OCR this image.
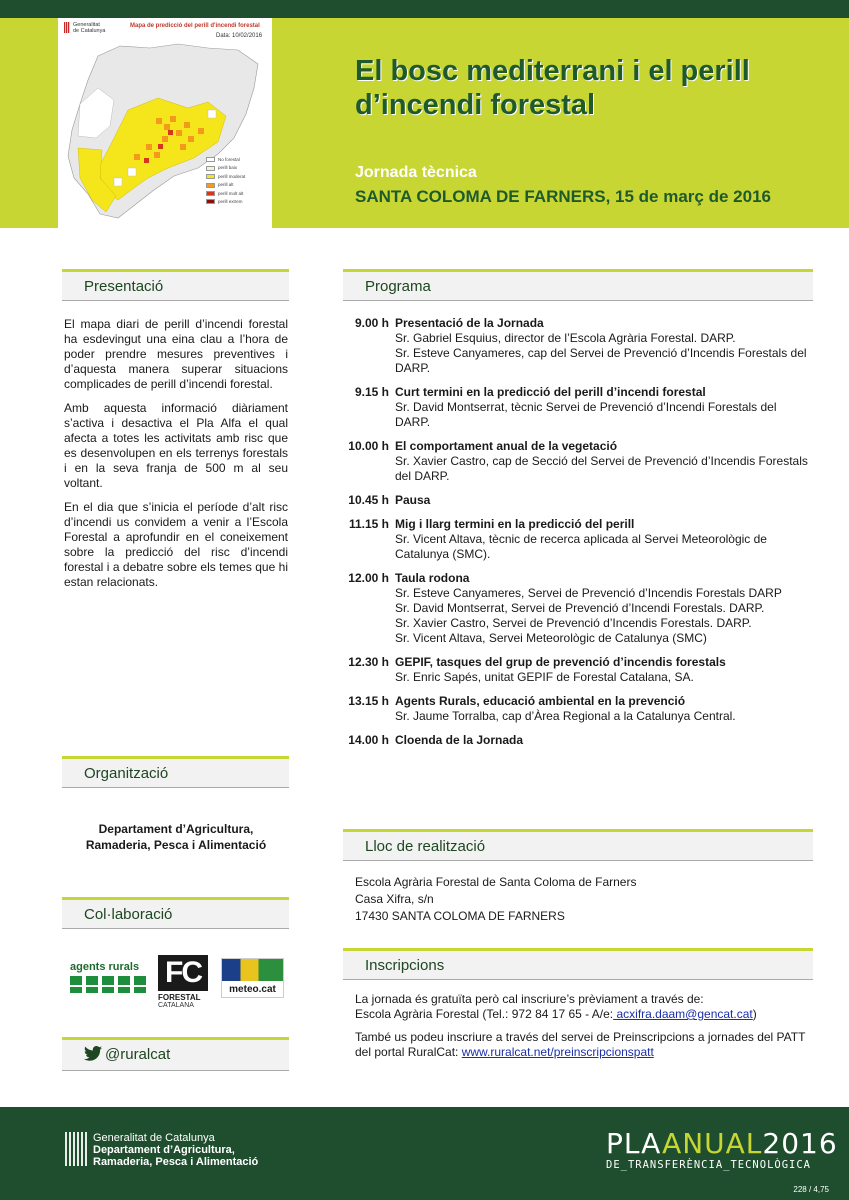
Generalitat
de Catalunya
Mapa de predicció del perill d'incendi forestal
Data: 10/02/2016
No forestal
perill baix
perill moderat
perill alt
perill molt alt
perill extrem
El bosc mediterrani i el perill d’incendi forestal
Jornada tècnica
SANTA COLOMA DE FARNERS, 15 de març de 2016
Presentació

El mapa diari de perill d’incendi forestal ha esdevingut una eina clau a l’hora de poder prendre mesures preventives i d’aquesta manera superar situacions complicades de perill d’incendi forestal.

Amb aquesta informació diàriament s’activa i desactiva el Pla Alfa el qual afecta a totes les activitats amb risc que es desenvolupen en els terrenys forestals i en la seva franja de 500 m al seu voltant.

En el dia que s’inicia el període d’alt risc d’incendi us convidem a venir a l’Escola Forestal a aprofundir en el coneixement sobre la predicció del risc d’incendi forestal i a debatre sobre els temes que hi estan relacionats.

Programa
9.00 h Presentació de la Jornada
Sr. Gabriel Esquius, director de l’Escola Agrària Forestal. DARP.
Sr. Esteve Canyameres, cap del Servei de Prevenció d’Incendis Forestals del DARP.
9.15 h Curt termini en la predicció del perill d’incendi forestal
Sr. David Montserrat, tècnic Servei de Prevenció d’Incendi Forestals del DARP.
10.00 h El comportament anual de la vegetació
Sr. Xavier Castro, cap de Secció del Servei de Prevenció d’Incendis Forestals del DARP.
10.45 h Pausa
11.15 h Mig i llarg termini en la predicció del perill
Sr. Vicent Altava, tècnic de recerca aplicada al Servei Meteorològic de Catalunya (SMC).
12.00 h Taula rodona
Sr. Esteve Canyameres, Servei de Prevenció d’Incendis Forestals DARP
Sr. David Montserrat, Servei de Prevenció d’Incendi Forestals. DARP.
Sr. Xavier Castro, Servei de Prevenció d’Incendis Forestals. DARP.
Sr. Vicent Altava, Servei Meteorològic de Catalunya (SMC)
12.30 h GEPIF, tasques del grup de prevenció d’incendis forestals
Sr. Enric Sapés, unitat GEPIF de Forestal Catalana, SA.
13.15 h Agents Rurals, educació ambiental en la prevenció
Sr. Jaume Torralba, cap d’Àrea Regional a la Catalunya Central.
14.00 h Cloenda de la Jornada
Organització
Departament d’Agricultura,
Ramaderia, Pesca i Alimentació	Lloc de realització
Escola Agrària Forestal de Santa Coloma de Farners
Casa Xifra, s/n
17430 SANTA COLOMA DE FARNERS
Col·laboració
agents rurals FC
FORESTAL
CATALANA
meteo.cat
Inscripcions

La jornada és gratuïta però cal inscriure’s prèviament a través de:
Escola Agrària Forestal (Tel.: 972 84 17 65 - A/e: acxifra.daam@gencat.cat)

També us podeu inscriure a través del servei de Preinscripcions a jornades del PATT del portal RuralCat: www.ruralcat.net/preinscripcionspatt

@ruralcat
Generalitat de Catalunya
Departament d’Agricultura,
Ramaderia, Pesca i Alimentació
PLAANUAL2016
DE_TRANSFERÈNCIA_TECNOLÒGICA
228 / 4,75
